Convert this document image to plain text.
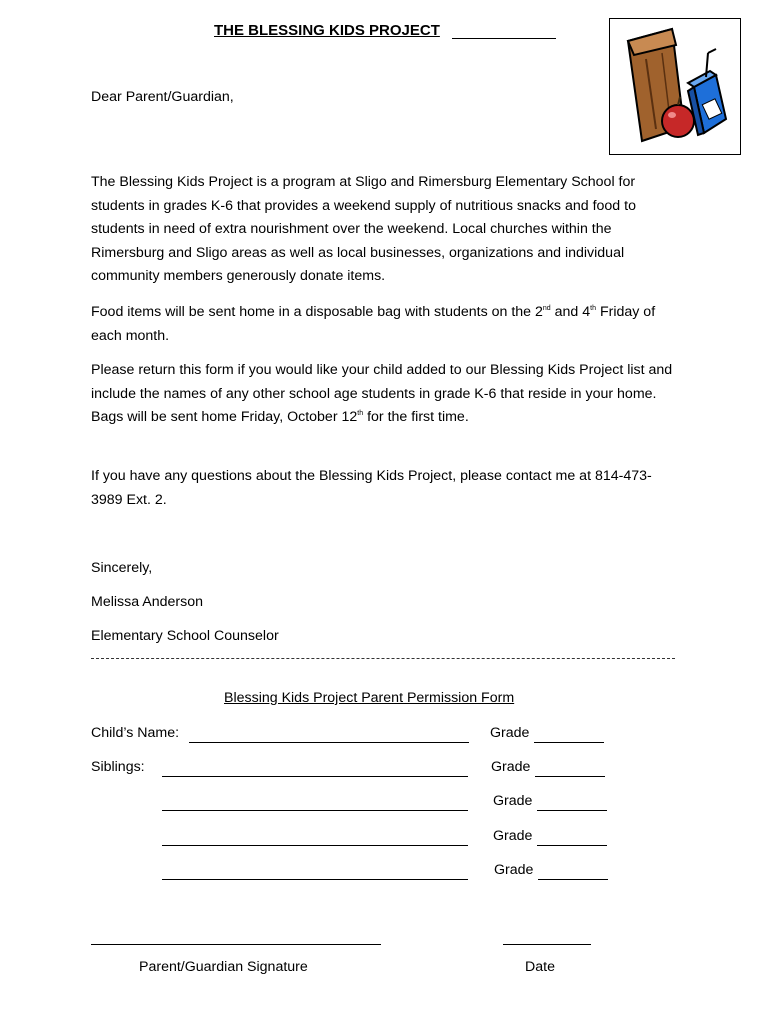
THE BLESSING KIDS PROJECT
Dear Parent/Guardian,

The Blessing Kids Project is a program at Sligo and Rimersburg Elementary School for students in grades K-6 that provides a weekend supply of nutritious snacks and food to students in need of extra nourishment over the weekend. Local churches within the Rimersburg and Sligo areas as well as local businesses, organizations and individual community members generously donate items.

Food items will be sent home in a disposable bag with students on the 2nd and 4th Friday of each month.

Please return this form if you would like your child added to our Blessing Kids Project list and include the names of any other school age students in grade K-6 that reside in your home. Bags will be sent home Friday, October 12th for the first time.

If you have any questions about the Blessing Kids Project, please contact me at 814-473-3989 Ext. 2.

Sincerely,
Melissa Anderson
Elementary School Counselor
Blessing Kids Project Parent Permission Form
Child’s Name:	Grade
Siblings:	Grade
Grade
Grade
Grade
Parent/Guardian Signature	Date
